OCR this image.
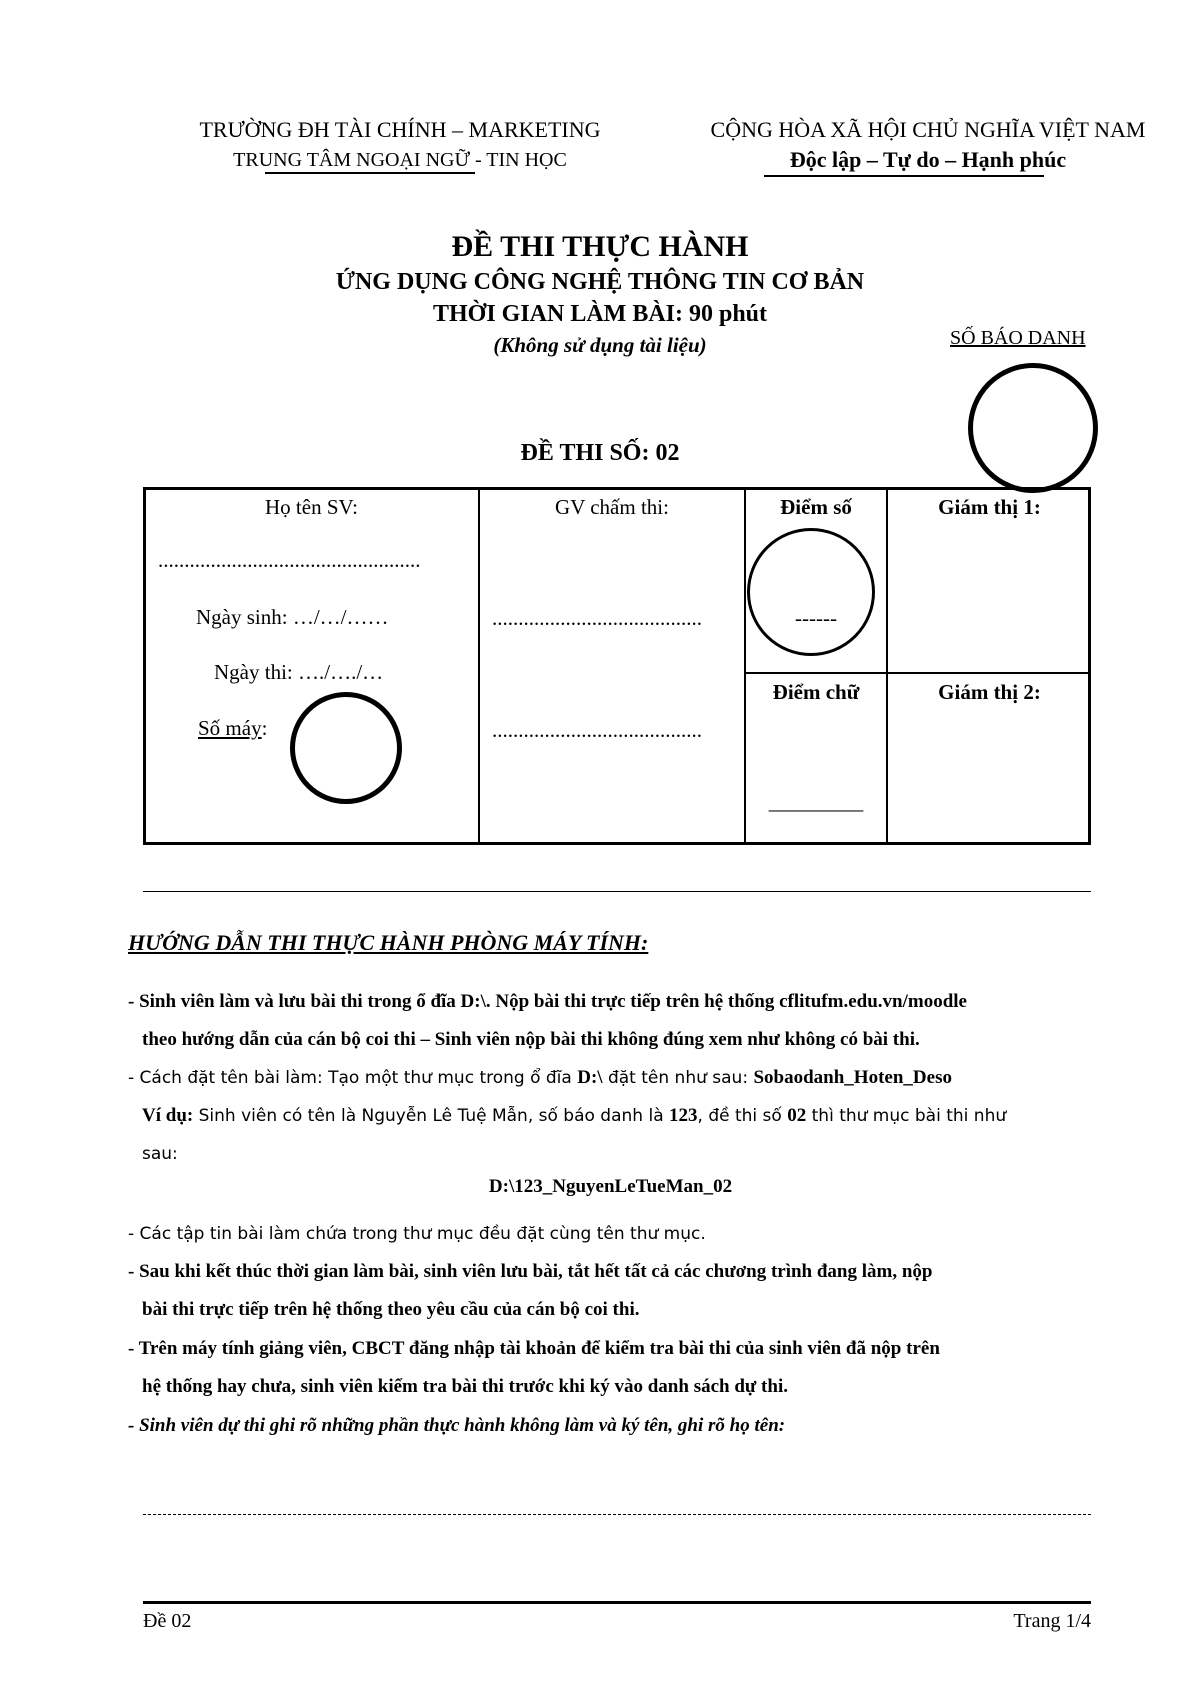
TRƯỜNG ĐH TÀI CHÍNH – MARKETING
TRUNG TÂM NGOẠI NGỮ - TIN HỌC
CỘNG HÒA XÃ HỘI CHỦ NGHĨA VIỆT NAM
Độc lập – Tự do – Hạnh phúc
ĐỀ THI THỰC HÀNH
ỨNG DỤNG CÔNG NGHỆ THÔNG TIN CƠ BẢN
THỜI GIAN LÀM BÀI: 90 phút
(Không sử dụng tài liệu)	SỐ BÁO DANH
ĐỀ THI SỐ: 02
Họ tên SV:
..................................................
Ngày sinh: …/…/……
Ngày thi: …./…./…
Số máy:
GV chấm thi:
........................................
........................................
Điểm số
------
Điểm chữ
_________
Giám thị 1:
Giám thị 2:
HƯỚNG DẪN THI THỰC HÀNH PHÒNG MÁY TÍNH:
- Sinh viên làm và lưu bài thi trong ổ đĩa D:\. Nộp bài thi trực tiếp trên hệ thống cflitufm.edu.vn/moodle
theo hướng dẫn của cán bộ coi thi – Sinh viên nộp bài thi không đúng xem như không có bài thi.
- Cách đặt tên bài làm: Tạo một thư mục trong ổ đĩa D:\ đặt tên như sau: Sobaodanh_Hoten_Deso
Ví dụ: Sinh viên có tên là Nguyễn Lê Tuệ Mẫn, số báo danh là 123, đề thi số 02 thì thư mục bài thi như
sau:
D:\123_NguyenLeTueMan_02
- Các tập tin bài làm chứa trong thư mục đều đặt cùng tên thư mục.
- Sau khi kết thúc thời gian làm bài, sinh viên lưu bài, tắt hết tất cả các chương trình đang làm, nộp
bài thi trực tiếp trên hệ thống theo yêu cầu của cán bộ coi thi.
- Trên máy tính giảng viên, CBCT đăng nhập tài khoản để kiểm tra bài thi của sinh viên đã nộp trên
hệ thống hay chưa, sinh viên kiểm tra bài thi trước khi ký vào danh sách dự thi.
- Sinh viên dự thi ghi rõ những phần thực hành không làm và ký tên, ghi rõ họ tên:
Đề 02	Trang 1/4
